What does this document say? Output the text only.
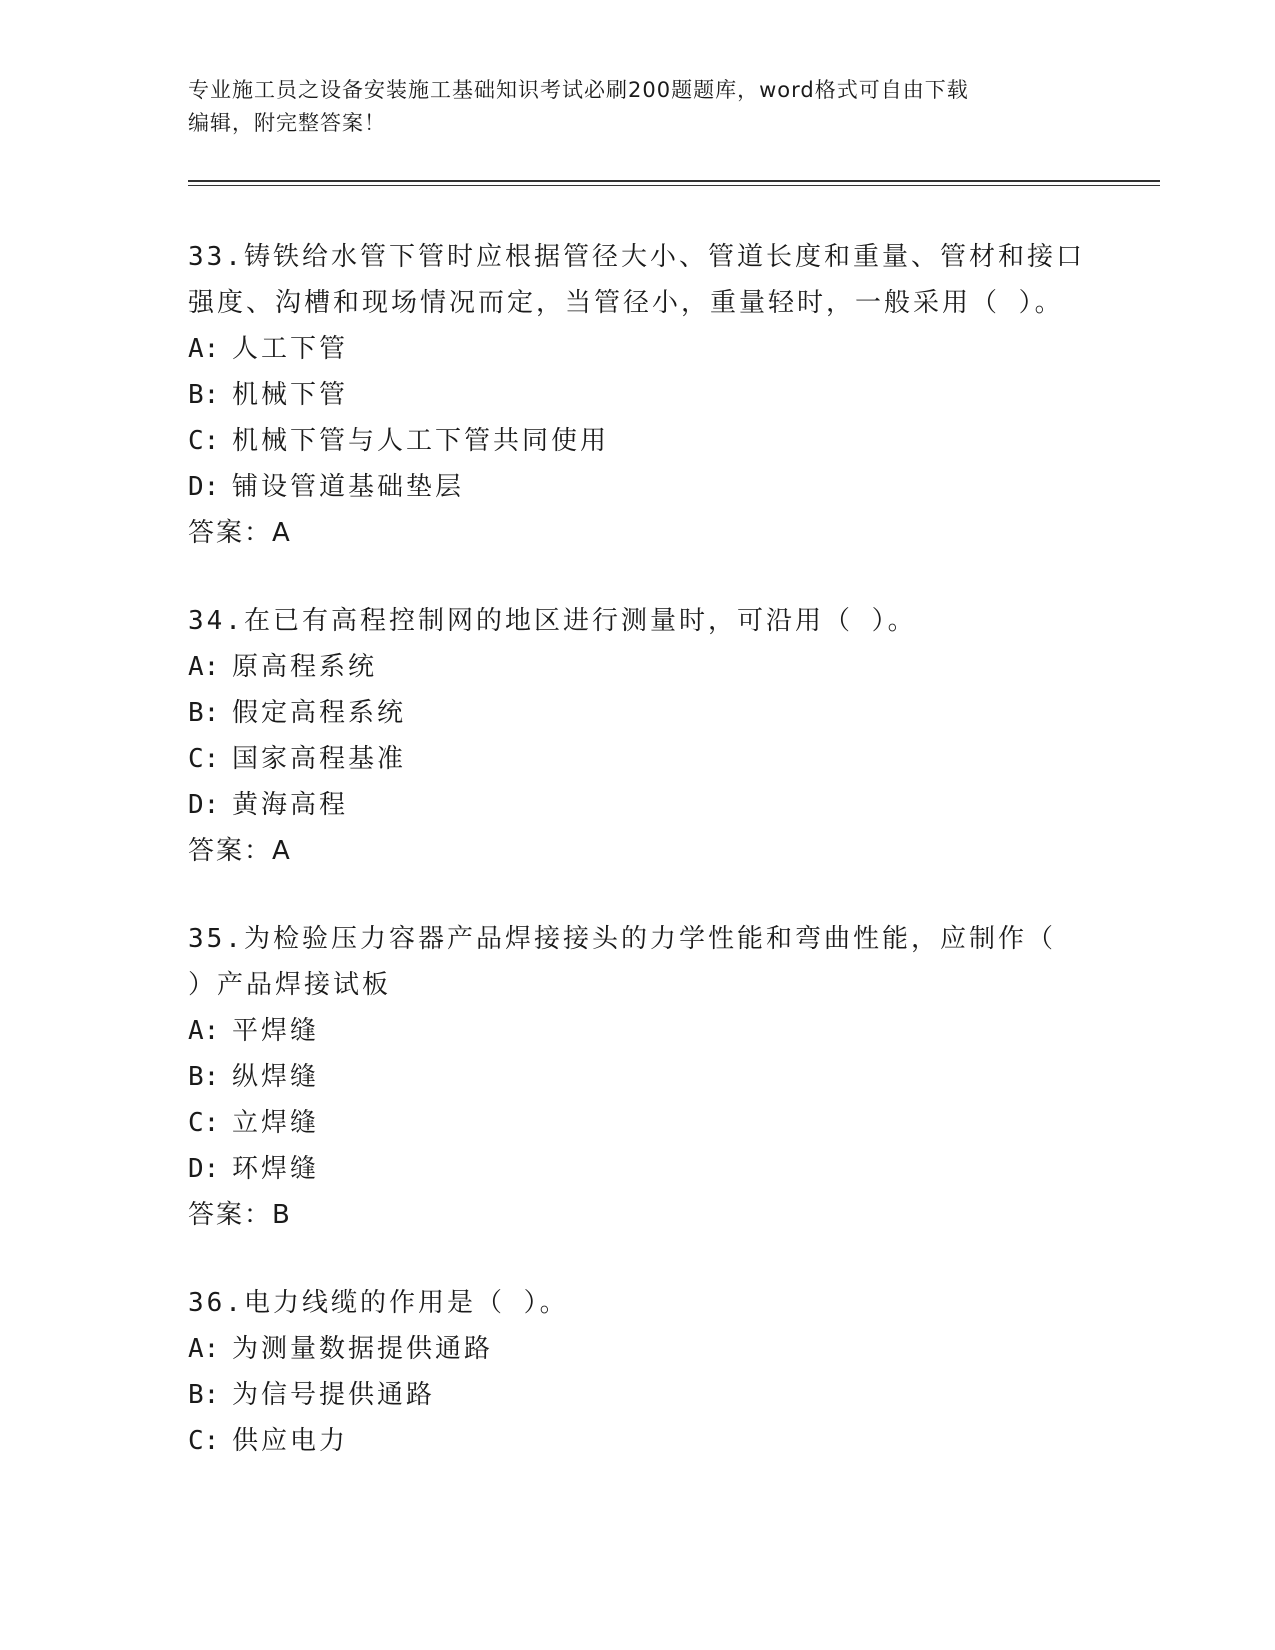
专业施工员之设备安装施工基础知识考试必刷200题题库，word格式可自由下载
编辑，附完整答案！
33.铸铁给水管下管时应根据管径大小、管道长度和重量、管材和接口
强度、沟槽和现场情况而定，当管径小，重量轻时，一般采用（ ）。
A: 人工下管
B: 机械下管
C: 机械下管与人工下管共同使用
D: 铺设管道基础垫层
答案：A
34.在已有高程控制网的地区进行测量时，可沿用（ ）。
A: 原高程系统
B: 假定高程系统
C: 国家高程基准
D: 黄海高程
答案：A
35.为检验压力容器产品焊接接头的力学性能和弯曲性能，应制作（
）产品焊接试板
A: 平焊缝
B: 纵焊缝
C: 立焊缝
D: 环焊缝
答案：B
36.电力线缆的作用是（ ）。
A: 为测量数据提供通路
B: 为信号提供通路
C: 供应电力
